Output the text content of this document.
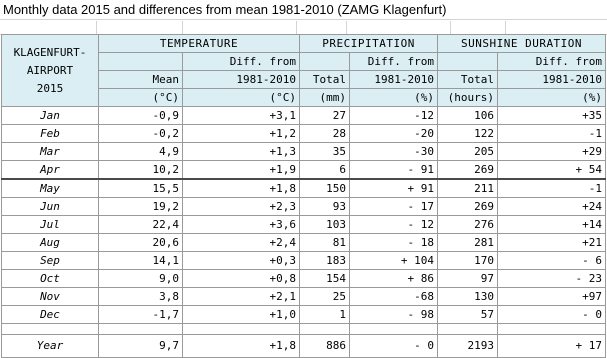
Monthly data 2015 and differences from mean 1981-2010 (ZAMG Klagenfurt)
KLAGENFURT-
AIRPORT
2015	TEMPERATURE		PRECIPITATION		SUNSHINE DURATION	
		Diff. from		Diff. from		Diff. from
	Mean	1981-2010	Total	1981-2010	Total	1981-2010
	(°C)	(°C)	(mm)	(%)	(hours)	(%)
Jan	-0,9	+3,1	27	-12	106	+35
Feb	-0,2	+1,2	28	-20	122	-1
Mar	4,9	+1,3	35	-30	205	+29
Apr	10,2	+1,9	6	- 91	269	+ 54
May	15,5	+1,8	150	+ 91	211	-1
Jun	19,2	+2,3	93	- 17	269	+24
Jul	22,4	+3,6	103	- 12	276	+14
Aug	20,6	+2,4	81	- 18	281	+21
Sep	14,1	+0,3	183	+ 104	170	- 6
Oct	9,0	+0,8	154	+ 86	97	- 23
Nov	3,8	+2,1	25	-68	130	+97
Dec	-1,7	+1,0	1	- 98	57	- 0

Year	9,7	+1,8	886	- 0	2193	+ 17
